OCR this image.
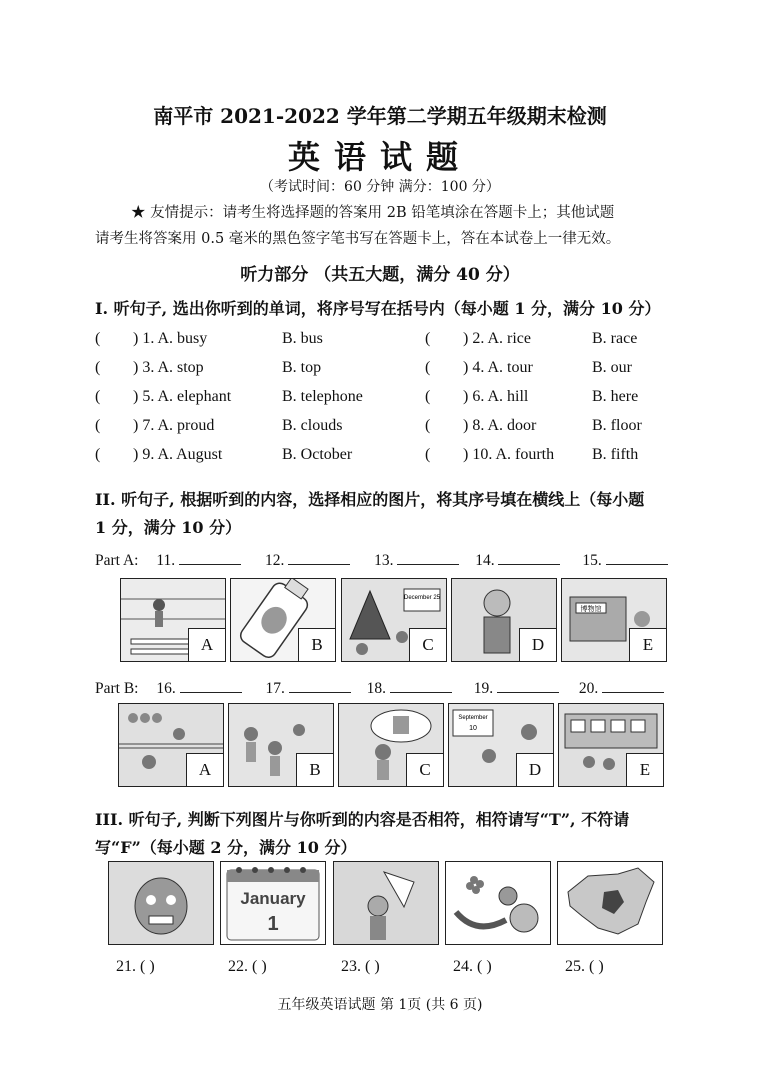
南平市 2021-2022 学年第二学期五年级期末检测
英语试题
（考试时间：60 分钟 满分：100 分）
★ 友情提示：请考生将选择题的答案用 2B 铅笔填涂在答题卡上；其他试题
请考生将答案用 0.5 毫米的黑色签字笔书写在答题卡上，答在本试卷上一律无效。
听力部分 （共五大题，满分 40 分）
I. 听句子, 选出你听到的单词，将序号写在括号内（每小题 1 分，满分 10 分）
( ) 1. A. busy	B. bus	( ) 2. A. rice	B. race
( ) 3. A. stop	B. top	( ) 4. A. tour	B. our
( ) 5. A. elephant	B. telephone	( ) 6. A. hill	B. here
( ) 7. A. proud	B. clouds	( ) 8. A. door	B. floor
( ) 9. A. August	B. October	( ) 10. A. fourth B. fifth
II. 听句子, 根据听到的内容，选择相应的图片，将其序号填在横线上（每小题
1 分，满分 10 分）
Part A: 11.	12.	13.	14.	15.
A	B
December 25
C	D
博物馆
E
Part B: 16.	17.	18.	19.	20.
A	B	C
September
10
D	E
III. 听句子, 判断下列图片与你听到的内容是否相符，相符请写“T”, 不符请
写“F”（每小题 2 分，满分 10 分）
January
1
21. ( )	22. ( )	23. ( )	24. ( )	25. ( )
五年级英语试题 第 1页 (共 6 页)
